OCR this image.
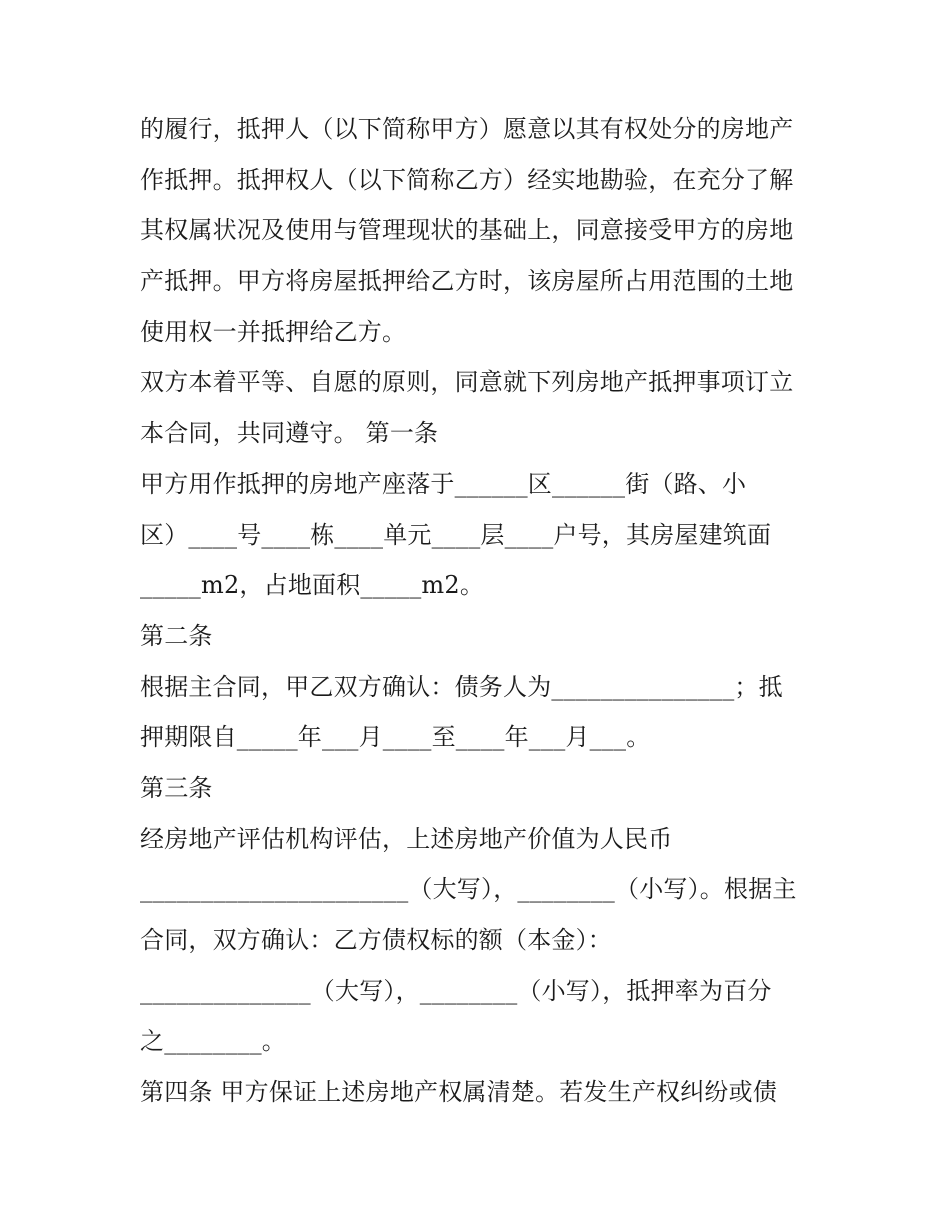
的履行，抵押人（以下简称甲方）愿意以其有权处分的房地产
作抵押。抵押权人（以下简称乙方）经实地勘验，在充分了解
其权属状况及使用与管理现状的基础上，同意接受甲方的房地
产抵押。甲方将房屋抵押给乙方时，该房屋所占用范围的土地
使用权一并抵押给乙方。
双方本着平等、自愿的原则，同意就下列房地产抵押事项订立
本合同，共同遵守。 第一条
甲方用作抵押的房地产座落于______区______街（路、小
区）____号____栋____单元____层____户号，其房屋建筑面
_____m2，占地面积_____m2。
第二条
根据主合同，甲乙双方确认：债务人为_______________；抵
押期限自_____年___月____至____年___月___。
第三条
经房地产评估机构评估，上述房地产价值为人民币
______________________（大写），________（小写）。根据主
合同，双方确认：乙方债权标的额（本金）：
______________（大写），________（小写），抵押率为百分
之________。
第四条 甲方保证上述房地产权属清楚。若发生产权纠纷或债
